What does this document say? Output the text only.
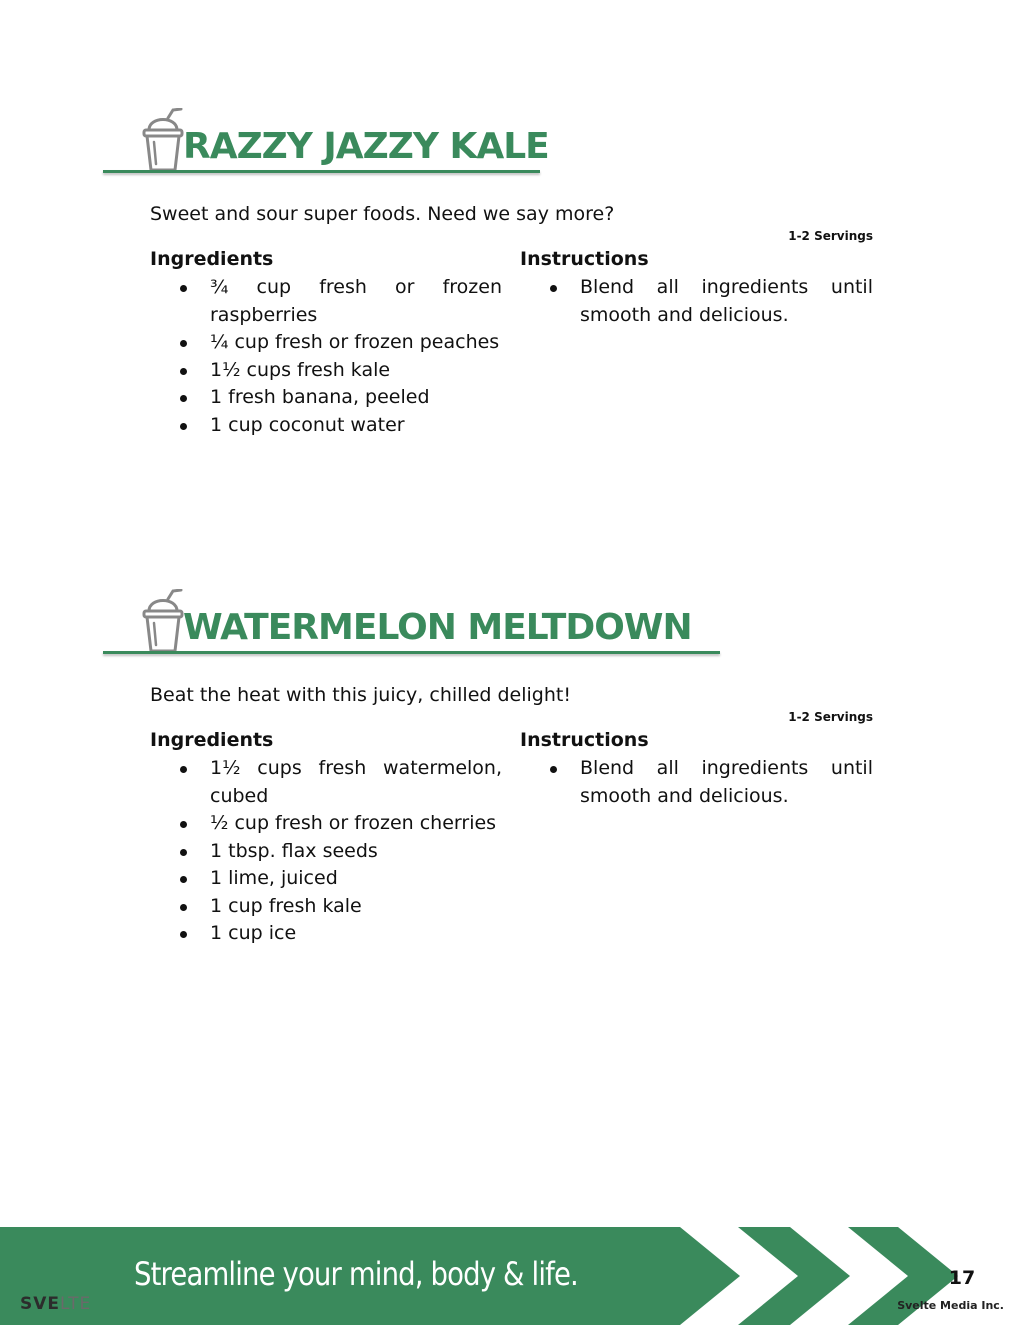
RAZZY JAZZY KALE
Sweet and sour super foods. Need we say more?
1-2 Servings
Ingredients
¾ cup fresh or frozen raspberries
¼ cup fresh or frozen peaches
1½ cups fresh kale
1 fresh banana, peeled
1 cup coconut water
Instructions
Blend all ingredients until smooth and delicious.
WATERMELON MELTDOWN
Beat the heat with this juicy, chilled delight!
1-2 Servings
Ingredients
1½ cups fresh watermelon, cubed
½ cup fresh or frozen cherries
1 tbsp. flax seeds
1 lime, juiced
1 cup fresh kale
1 cup ice
Instructions
Blend all ingredients until smooth and delicious.
SVELTE
Streamline your mind, body & life.	17
Svelte Media Inc.
